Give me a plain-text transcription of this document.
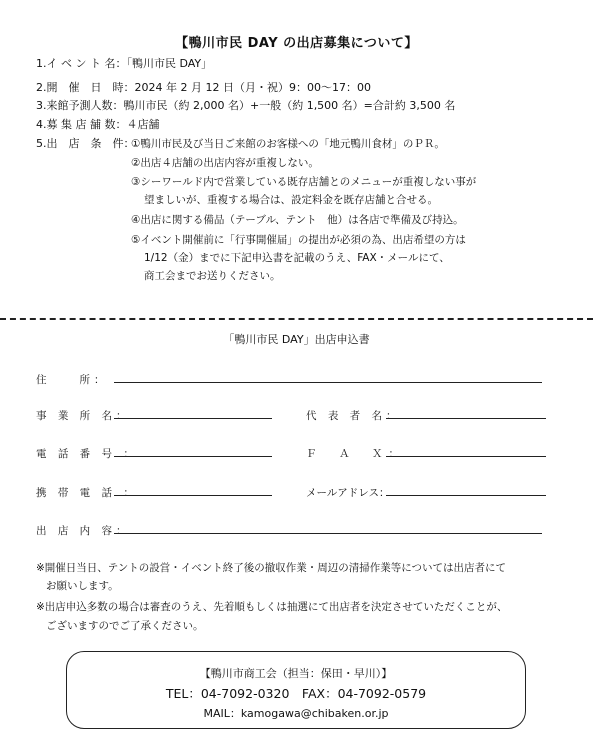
【鴨川市民 DAY の出店募集について】
1.イ ベ ン ト 名：「鴨川市民 DAY」
2.開　催　日　時：2024 年 2 月 12 日（月・祝）9：00～17：00
3.来館予測人数：鴨川市民（約 2,000 名）+一般（約 1,500 名）=合計約 3,500 名
4.募 集 店 舗 数：４店舗
5.出　店　条　件：
①鴨川市民及び当日ご来館のお客様への「地元鴨川食材」のＰＲ。
②出店４店舗の出店内容が重複しない。
③シーワールド内で営業している既存店舗とのメニューが重複しない事が
望ましいが、重複する場合は、設定料金を既存店舗と合せる。
④出店に関する備品（テーブル、テント　他）は各店で準備及び持込。
⑤イベント開催前に「行事開催届」の提出が必須の為、出店希望の方は
1/12（金）までに下記申込書を記載のうえ、FAX・メールにて、
商工会までお送りください。
「鴨川市民 DAY」出店申込書
住　　所：
事 業 所 名：	代 表 者 名：
電 話 番 号 ：	Ｆ　Ａ　Ｘ：
携 帯 電 話 ：	メールアドレス：
出 店 内 容：
※開催日当日、テントの設営・イベント終了後の撤収作業・周辺の清掃作業等については出店者にて
お願いします。
※出店申込多数の場合は審査のうえ、先着順もしくは抽選にて出店者を決定させていただくことが、
ございますのでご了承ください。
【鴨川市商工会（担当：保田・早川）】
TEL：04-7092-0320　FAX：04-7092-0579
MAIL：kamogawa@chibaken.or.jp
